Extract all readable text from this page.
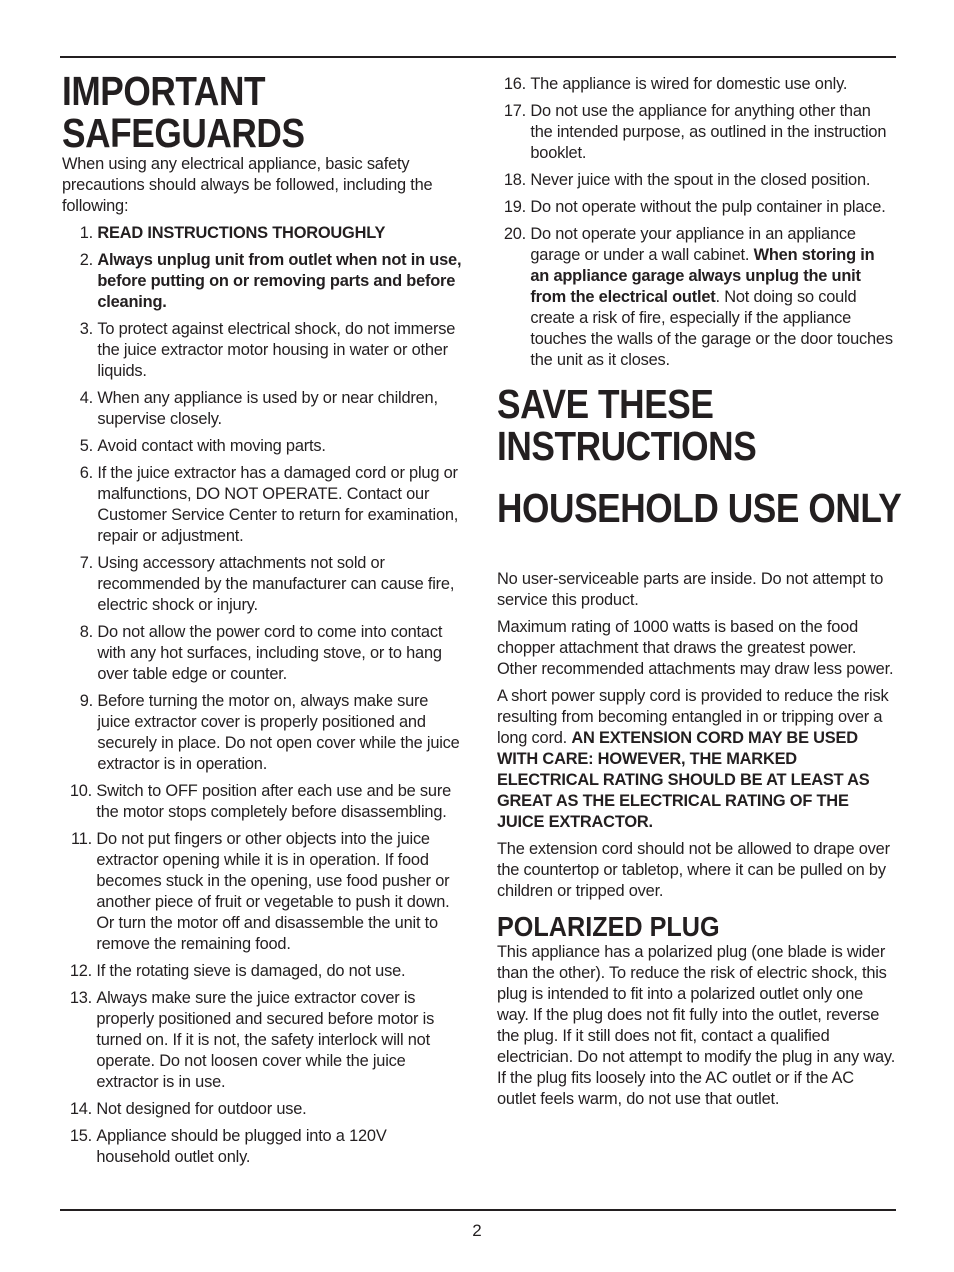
IMPORTANT
SAFEGUARDS

When using any electrical appliance, basic safety precautions should always be followed, including the following:

1.
READ INSTRUCTIONS THOROUGHLY
2.
Always unplug unit from outlet when not in use, before putting on or removing parts and before cleaning.
3.
To protect against electrical shock, do not immerse the juice extractor motor housing in water or other liquids.
4.
When any appliance is used by or near children, supervise closely.
5.
Avoid contact with moving parts.
6.
If the juice extractor has a damaged cord or plug or malfunctions, DO NOT OPERATE. Contact our Customer Service Center to return for examination, repair or adjustment.
7.
Using accessory attachments not sold or recommended by the manufacturer can cause fire, electric shock or injury.
8.
Do not allow the power cord to come into contact with any hot surfaces, including stove, or to hang over table edge or counter.
9.
Before turning the motor on, always make sure juice extractor cover is properly positioned and securely in place. Do not open cover while the juice extractor is in operation.
10.
Switch to OFF position after each use and be sure the motor stops completely before disassembling.
11.
Do not put fingers or other objects into the juice extractor opening while it is in operation. If food becomes stuck in the opening, use food pusher or another piece of fruit or vegetable to push it down. Or turn the motor off and disassemble the unit to remove the remaining food.
12.
If the rotating sieve is damaged, do not use.
13.
Always make sure the juice extractor cover is properly positioned and secured before motor is turned on. If it is not, the safety interlock will not operate. Do not loosen cover while the juice extractor is in use.
14.
Not designed for outdoor use.
15.
Appliance should be plugged into a 120V household outlet only.
16.
The appliance is wired for domestic use only.
17.
Do not use the appliance for anything other than the intended purpose, as outlined in the instruction booklet.
18.
Never juice with the spout in the closed position.
19.
Do not operate without the pulp container in place.
20.
Do not operate your appliance in an appliance garage or under a wall cabinet. When storing in an appliance garage always unplug the unit from the electrical outlet. Not doing so could create a risk of fire, especially if the appliance touches the walls of the garage or the door touches the unit as it closes.
SAVE THESE
INSTRUCTIONS
HOUSEHOLD USE ONLY

No user-serviceable parts are inside. Do not attempt to service this product.

Maximum rating of 1000 watts is based on the food chopper attachment that draws the greatest power. Other recommended attachments may draw less power.

A short power supply cord is provided to reduce the risk resulting from becoming entangled in or tripping over a long cord. AN EXTENSION CORD MAY BE USED WITH CARE: HOWEVER, THE MARKED ELECTRICAL RATING SHOULD BE AT LEAST AS GREAT AS THE ELECTRICAL RATING OF THE JUICE EXTRACTOR.

The extension cord should not be allowed to drape over the countertop or tabletop, where it can be pulled on by children or tripped over.

POLARIZED PLUG

This appliance has a polarized plug (one blade is wider than the other). To reduce the risk of electric shock, this plug is intended to fit into a polarized outlet only one way. If the plug does not fit fully into the outlet, reverse the plug. If it still does not fit, contact a qualified electrician. Do not attempt to modify the plug in any way. If the plug fits loosely into the AC outlet or if the AC outlet feels warm, do not use that outlet.

2
